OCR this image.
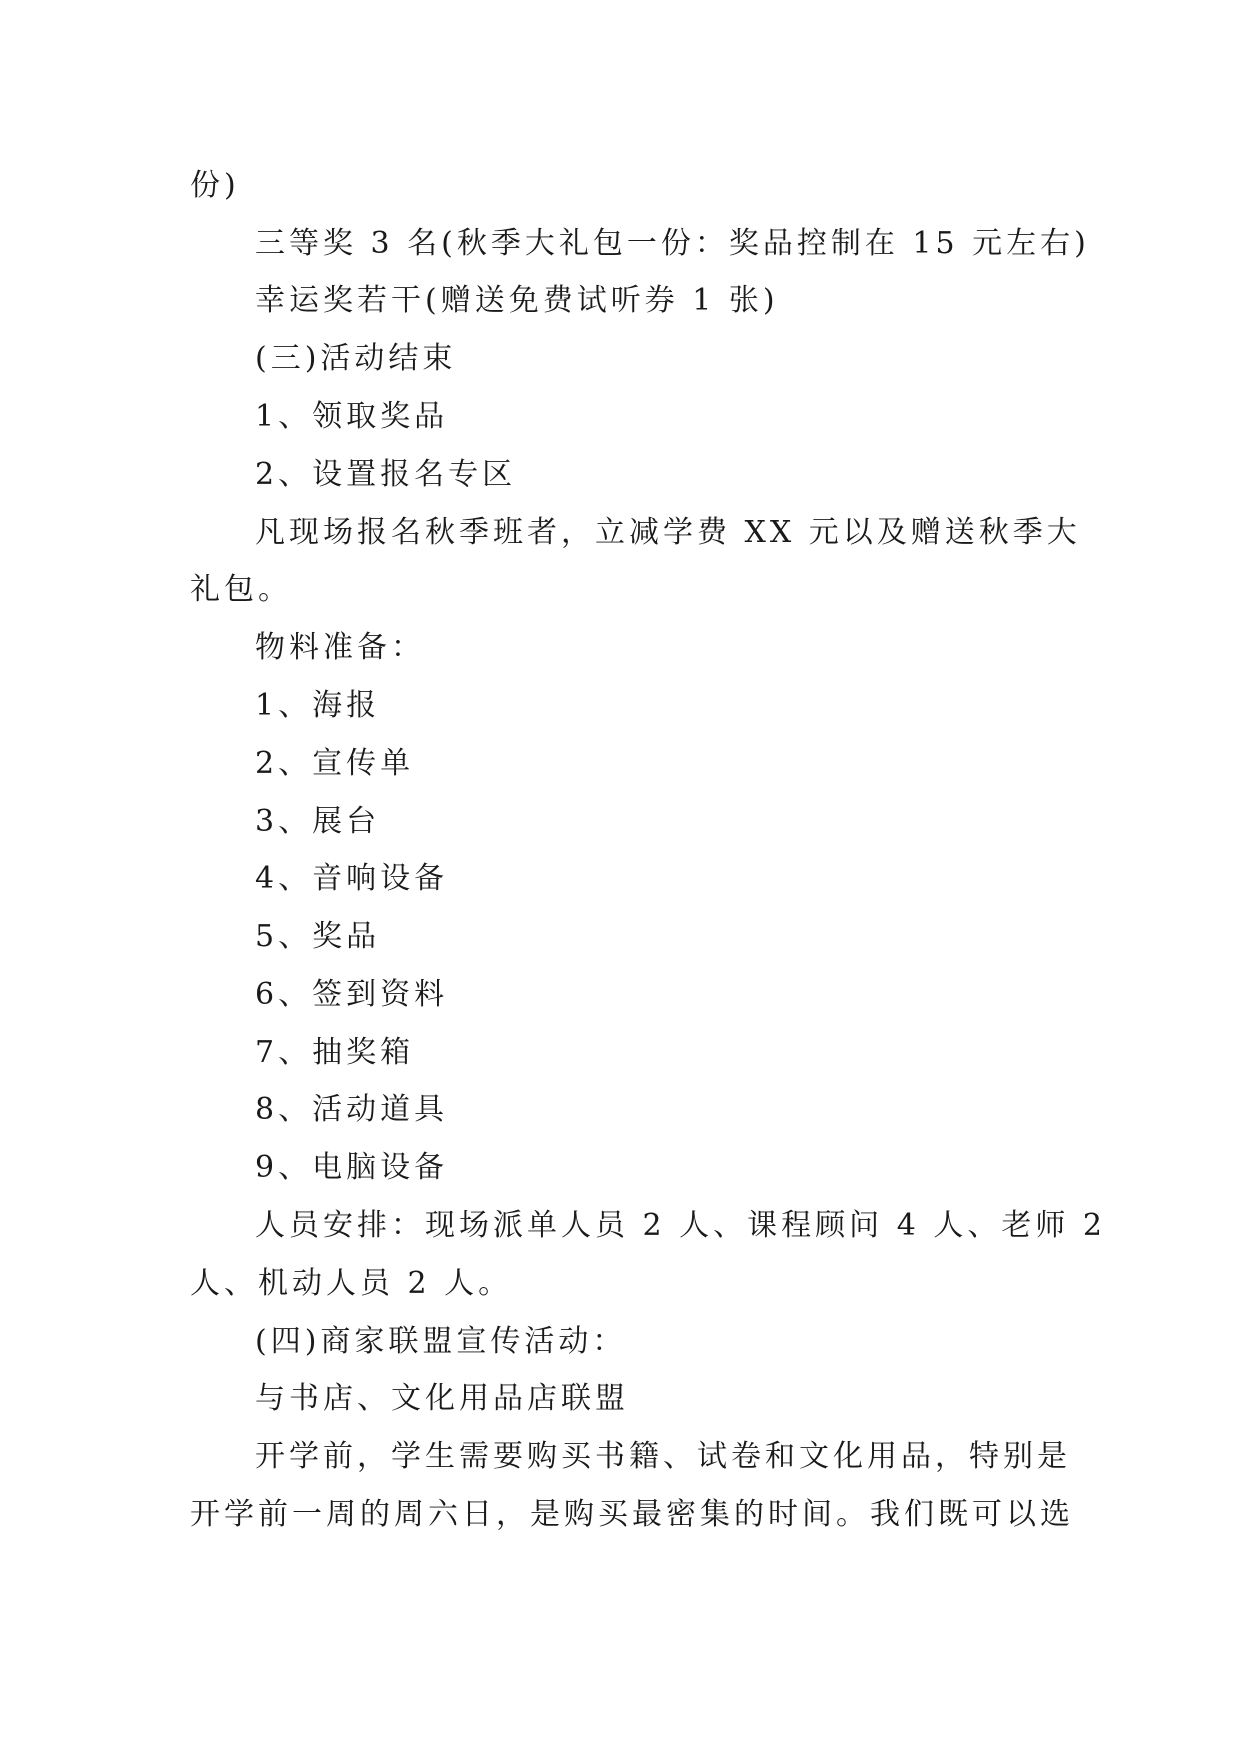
份)
三等奖 3 名(秋季大礼包一份：奖品控制在 15 元左右)
幸运奖若干(赠送免费试听券 1 张)
(三)活动结束
1、领取奖品
2、设置报名专区
凡现场报名秋季班者，立减学费 XX 元以及赠送秋季大
礼包。
物料准备：
1、海报
2、宣传单
3、展台
4、音响设备
5、奖品
6、签到资料
7、抽奖箱
8、活动道具
9、电脑设备
人员安排：现场派单人员 2 人、课程顾问 4 人、老师 2
人、机动人员 2 人。
(四)商家联盟宣传活动：
与书店、文化用品店联盟
开学前，学生需要购买书籍、试卷和文化用品，特别是
开学前一周的周六日，是购买最密集的时间。我们既可以选
